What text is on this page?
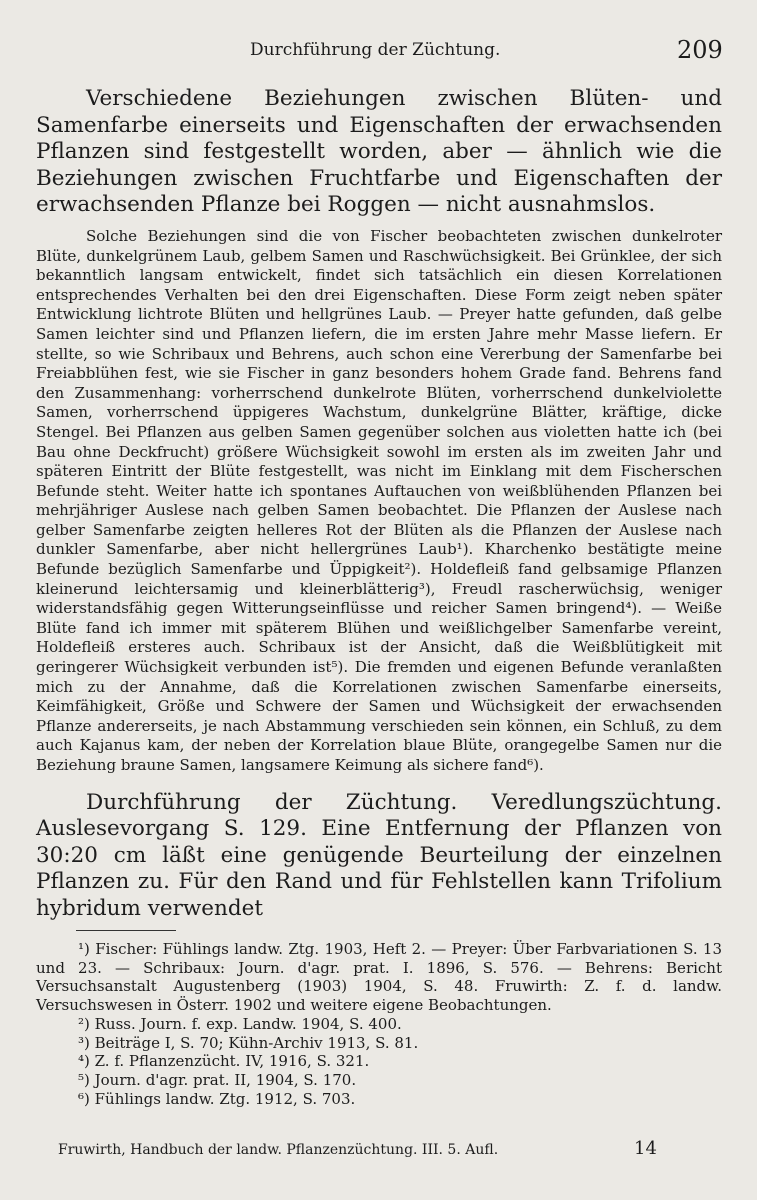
Durchführung der Züchtung.	209

Verschiedene Beziehungen zwischen Blüten- und Samenfarbe einerseits und Eigenschaften der erwachsenden Pflanzen sind festgestellt worden, aber — ähnlich wie die Beziehungen zwischen Fruchtfarbe und Eigenschaften der erwachsenden Pflanze bei Roggen — nicht ausnahmslos.

Solche Beziehungen sind die von Fischer beobachteten zwischen dunkelroter Blüte, dunkelgrünem Laub, gelbem Samen und Raschwüchsigkeit. Bei Grünklee, der sich bekanntlich langsam entwickelt, findet sich tatsächlich ein diesen Korrelationen entsprechendes Verhalten bei den drei Eigenschaften. Diese Form zeigt neben später Entwicklung lichtrote Blüten und hellgrünes Laub. — Preyer hatte gefunden, daß gelbe Samen leichter sind und Pflanzen liefern, die im ersten Jahre mehr Masse liefern. Er stellte, so wie Schribaux und Behrens, auch schon eine Vererbung der Samenfarbe bei Freiabblühen fest, wie sie Fischer in ganz besonders hohem Grade fand. Behrens fand den Zusammenhang: vorherrschend dunkelrote Blüten, vorherrschend dunkelviolette Samen, vorherrschend üppigeres Wachstum, dunkelgrüne Blätter, kräftige, dicke Stengel. Bei Pflanzen aus gelben Samen gegenüber solchen aus violetten hatte ich (bei Bau ohne Deckfrucht) größere Wüchsigkeit sowohl im ersten als im zweiten Jahr und späteren Eintritt der Blüte festgestellt, was nicht im Einklang mit dem Fischerschen Befunde steht. Weiter hatte ich spontanes Auftauchen von weißblühenden Pflanzen bei mehrjähriger Auslese nach gelben Samen beobachtet. Die Pflanzen der Auslese nach gelber Samenfarbe zeigten helleres Rot der Blüten als die Pflanzen der Auslese nach dunkler Samenfarbe, aber nicht hellergrünes Laub¹). Kharchenko bestätigte meine Befunde bezüglich Samenfarbe und Üppigkeit²). Holdefleiß fand gelbsamige Pflanzen kleinerund leichtersamig und kleinerblätterig³), Freudl rascherwüchsig, weniger widerstandsfähig gegen Witterungseinflüsse und reicher Samen bringend⁴). — Weiße Blüte fand ich immer mit späterem Blühen und weißlichgelber Samenfarbe vereint, Holdefleiß ersteres auch. Schribaux ist der Ansicht, daß die Weißblütigkeit mit geringerer Wüchsigkeit verbunden ist⁵). Die fremden und eigenen Befunde veranlaßten mich zu der Annahme, daß die Korrelationen zwischen Samenfarbe einerseits, Keimfähigkeit, Größe und Schwere der Samen und Wüchsigkeit der erwachsenden Pflanze andererseits, je nach Abstammung verschieden sein können, ein Schluß, zu dem auch Kajanus kam, der neben der Korrelation blaue Blüte, orangegelbe Samen nur die Beziehung braune Samen, langsamere Keimung als sichere fand⁶).

Durchführung der Züchtung. Veredlungszüchtung. Auslesevorgang S. 129. Eine Entfernung der Pflanzen von 30:20 cm läßt eine genügende Beurteilung der einzelnen Pflanzen zu. Für den Rand und für Fehlstellen kann Trifolium hybridum verwendet

¹) Fischer: Fühlings landw. Ztg. 1903, Heft 2. — Preyer: Über Farbvariationen S. 13 und 23. — Schribaux: Journ. d'agr. prat. I. 1896, S. 576. — Behrens: Bericht Versuchsanstalt Augustenberg (1903) 1904, S. 48. Fruwirth: Z. f. d. landw. Versuchswesen in Österr. 1902 und weitere eigene Beobachtungen.

²) Russ. Journ. f. exp. Landw. 1904, S. 400.

³) Beiträge I, S. 70; Kühn-Archiv 1913, S. 81.

⁴) Z. f. Pflanzenzücht. IV, 1916, S. 321.

⁵) Journ. d'agr. prat. II, 1904, S. 170.

⁶) Fühlings landw. Ztg. 1912, S. 703.

Fruwirth, Handbuch der landw. Pflanzenzüchtung. III. 5. Aufl.	14
